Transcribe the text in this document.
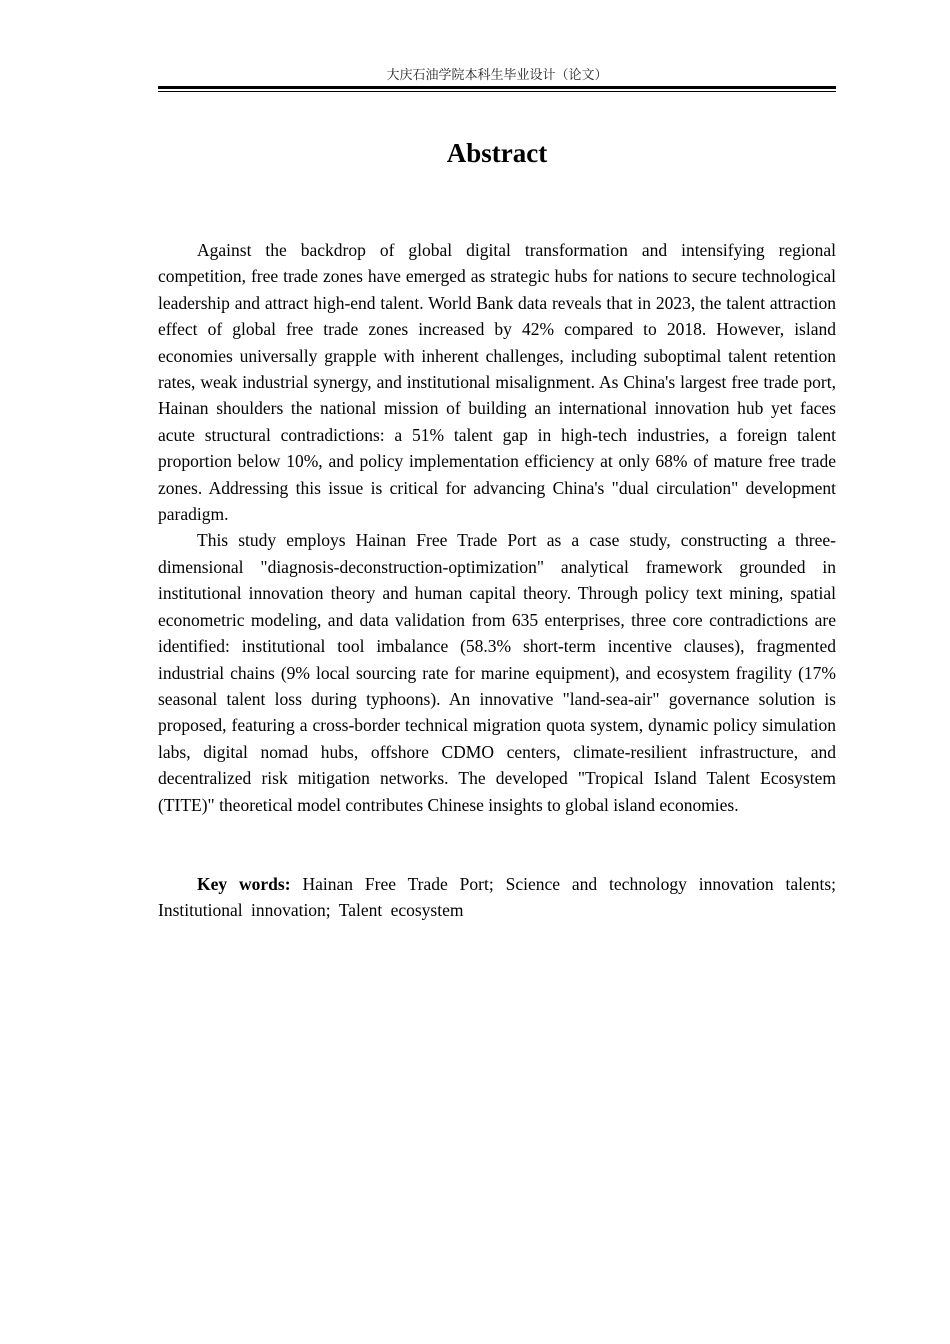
大庆石油学院本科生毕业设计（论文）
Abstract

Against the backdrop of global digital transformation and intensifying regional competition, free trade zones have emerged as strategic hubs for nations to secure technological leadership and attract high-end talent. World Bank data reveals that in 2023, the talent attraction effect of global free trade zones increased by 42% compared to 2018. However, island economies universally grapple with inherent challenges, including suboptimal talent retention rates, weak industrial synergy, and institutional misalignment. As China's largest free trade port, Hainan shoulders the national mission of building an international innovation hub yet faces acute structural contradictions: a 51% talent gap in high-tech industries, a foreign talent proportion below 10%, and policy implementation efficiency at only 68% of mature free trade zones. Addressing this issue is critical for advancing China's "dual circulation" development paradigm.

This study employs Hainan Free Trade Port as a case study, constructing a three-dimensional "diagnosis-deconstruction-optimization" analytical framework grounded in institutional innovation theory and human capital theory. Through policy text mining, spatial econometric modeling, and data validation from 635 enterprises, three core contradictions are identified: institutional tool imbalance (58.3% short-term incentive clauses), fragmented industrial chains (9% local sourcing rate for marine equipment), and ecosystem fragility (17% seasonal talent loss during typhoons). An innovative "land-sea-air" governance solution is proposed, featuring a cross-border technical migration quota system, dynamic policy simulation labs, digital nomad hubs, offshore CDMO centers, climate-resilient infrastructure, and decentralized risk mitigation networks. The developed "Tropical Island Talent Ecosystem (TITE)" theoretical model contributes Chinese insights to global island economies.

Key words: Hainan Free Trade Port; Science and technology innovation talents; Institutional innovation; Talent ecosystem
